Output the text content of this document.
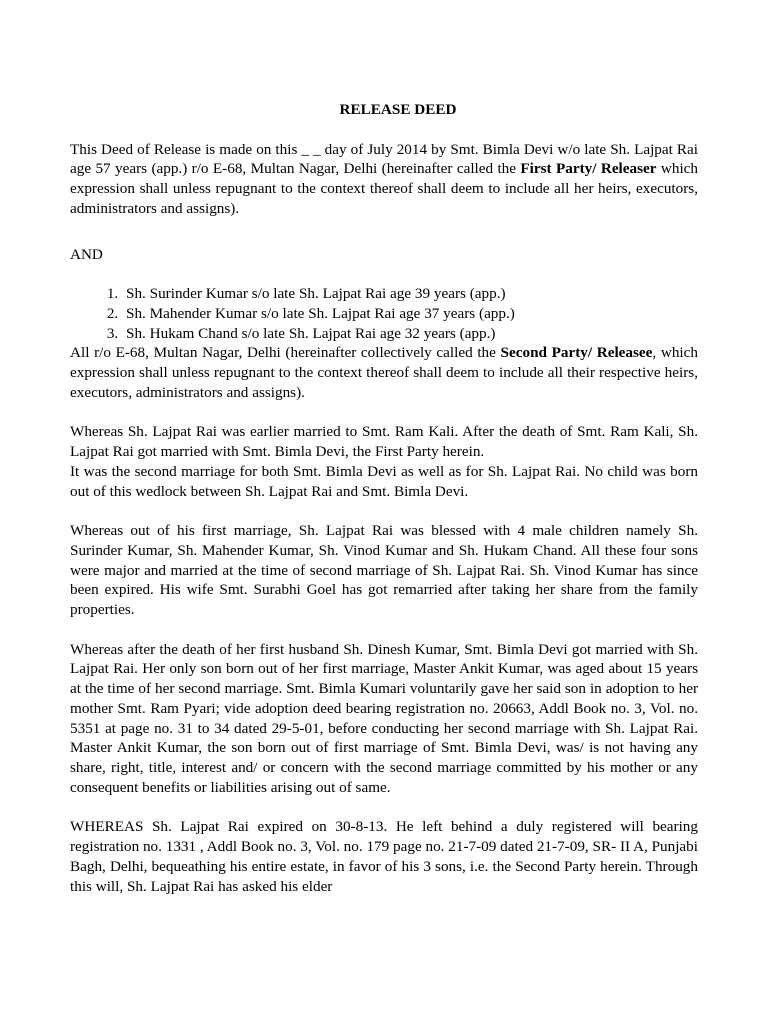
RELEASE DEED

This Deed of Release is made on this _ _ day of July 2014 by Smt. Bimla Devi w/o late Sh. Lajpat Rai age 57 years (app.) r/o E-68, Multan Nagar, Delhi (hereinafter called the First Party/ Releaser which expression shall unless repugnant to the context thereof shall deem to include all her heirs, executors, administrators and assigns).

AND

1. Sh. Surinder Kumar s/o late Sh. Lajpat Rai age 39 years (app.)
2. Sh. Mahender Kumar s/o late Sh. Lajpat Rai age 37 years (app.)
3. Sh. Hukam Chand s/o late Sh. Lajpat Rai age 32 years (app.)

All r/o E-68, Multan Nagar, Delhi (hereinafter collectively called the Second Party/ Releasee, which expression shall unless repugnant to the context thereof shall deem to include all their respective heirs, executors, administrators and assigns).

Whereas Sh. Lajpat Rai was earlier married to Smt. Ram Kali. After the death of Smt. Ram Kali, Sh. Lajpat Rai got married with Smt. Bimla Devi, the First Party herein.

It was the second marriage for both Smt. Bimla Devi as well as for Sh. Lajpat Rai. No child was born out of this wedlock between Sh. Lajpat Rai and Smt. Bimla Devi.

Whereas out of his first marriage, Sh. Lajpat Rai was blessed with 4 male children namely Sh. Surinder Kumar, Sh. Mahender Kumar, Sh. Vinod Kumar and Sh. Hukam Chand. All these four sons were major and married at the time of second marriage of Sh. Lajpat Rai. Sh. Vinod Kumar has since been expired. His wife Smt. Surabhi Goel has got remarried after taking her share from the family properties.

Whereas after the death of her first husband Sh. Dinesh Kumar, Smt. Bimla Devi got married with Sh. Lajpat Rai. Her only son born out of her first marriage, Master Ankit Kumar, was aged about 15 years at the time of her second marriage. Smt. Bimla Kumari voluntarily gave her said son in adoption to her mother Smt. Ram Pyari; vide adoption deed bearing registration no. 20663, Addl Book no. 3, Vol. no. 5351 at page no. 31 to 34 dated 29-5-01, before conducting her second marriage with Sh. Lajpat Rai. Master Ankit Kumar, the son born out of first marriage of Smt. Bimla Devi, was/ is not having any share, right, title, interest and/ or concern with the second marriage committed by his mother or any consequent benefits or liabilities arising out of same.

WHEREAS Sh. Lajpat Rai expired on 30-8-13. He left behind a duly registered will bearing registration no. 1331 , Addl Book no. 3, Vol. no. 179 page no. 21-7-09 dated 21-7-09, SR- II A, Punjabi Bagh, Delhi, bequeathing his entire estate, in favor of his 3 sons, i.e. the Second Party herein. Through this will, Sh. Lajpat Rai has asked his elder
